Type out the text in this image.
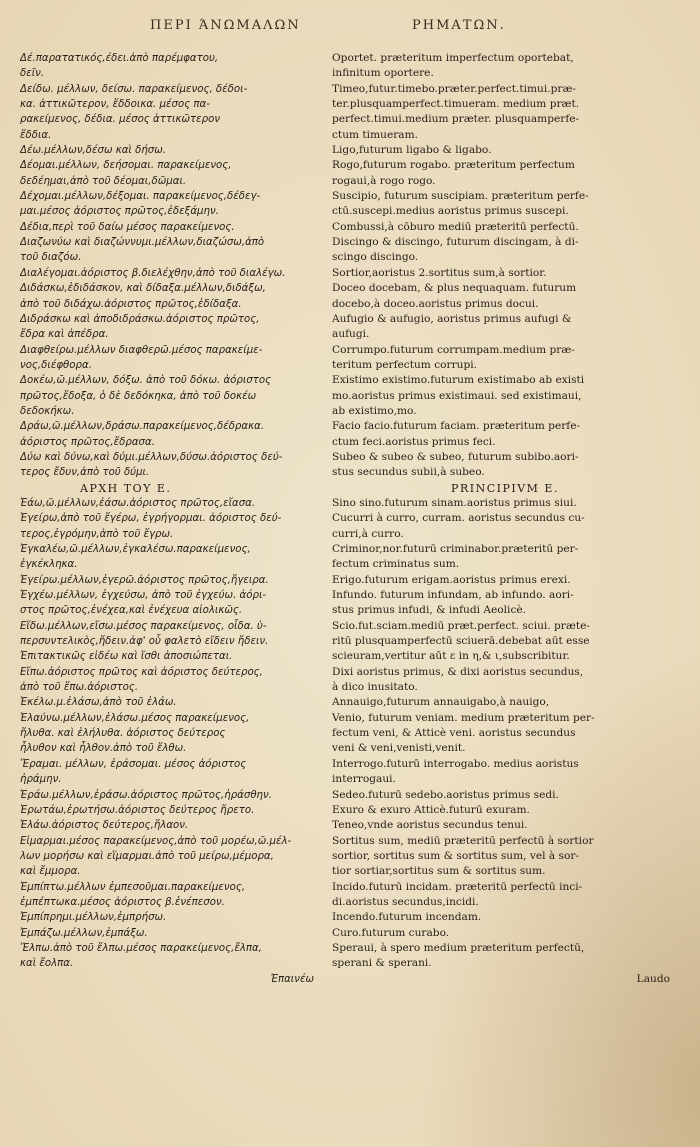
ΠΕΡΙ ΆΝΩΜΑΛΩΝ	ΡΗΜΑΤΩΝ.
Δέ.παρατατικός,έδει.ἀπὸ παρέμφατου,
δεῖν.
Δείδω. μέλλων, δείσω. παρακείμενος, δέδοι-
κα. ἀττικῶτερον, ἔδδοικα. μέσος πα-
ρακείμενος, δέδια. μέσος ἀττικῶτερον
ἔδδια.
Δέω.μέλλων,δέσω καὶ δήσω.
Δέομαι.μέλλων, δεήσομαι. παρακείμενος,
δεδέημαι,ἀπὸ τοῦ δέομαι,δῶμαι.
Δέχομαι.μέλλων,δέξομαι. παρακείμενος,δέδεγ-
μαι.μέσος ἀόριστος πρῶτος,ἐδεξάμην.
Δέδια,περὶ τοῦ δαίω μέσος παρακείμενος.
Διαζωνύω καὶ διαζώννυμι.μέλλων,διαζώσω,ἀπὸ
τοῦ διαζόω.
Διαλέγομαι.ἀόριστος β.διελέχθην,ἀπὸ τοῦ διαλέγω.
Διδάσκω,ἐδιδάσκον, καὶ δίδαξα.μέλλων,διδάξω,
ἀπὸ τοῦ διδάχω.ἀόριστος πρῶτος,ἐδίδαξα.
Διδράσκω καὶ ἀποδιδράσκω.ἀόριστος πρῶτος,
ἔδρα καὶ ἀπέδρα.
Διαφθείρω.μέλλων διαφθερῶ.μέσος παρακείμε-
νος,διέφθορα.
Δοκέω,ῶ.μέλλων, δόξω. ἀπὸ τοῦ δόκω. ἀόριστος
πρῶτος,ἔδοξα, ὁ δὲ δεδόκηκα, ἀπὸ τοῦ δοκέω
δεδοκήκω.
Δράω,ῶ.μέλλων,δράσω.παρακείμενος,δέδρακα.
ἀόριστος πρῶτος,ἔδρασα.
Δύω καὶ δύνω,καὶ δύμι.μέλλων,δύσω.ἀόριστος δεύ-
τερος ἔδυν,ἀπὸ τοῦ δύμι.
ΑΡΧΗ ΤΟΥ Ε.
Ἐάω,ῶ.μέλλων,ἐάσω.ἀόριστος πρῶτος,εἴασα.
Ἐγείρω,ἀπὸ τοῦ ἔγέρω, ἐγρήγορμαι. ἀόριστος δεύ-
τερος,ἐγρόμην,ἀπὸ τοῦ ἔγρω.
Ἐγκαλέω,ῶ.μέλλων,ἐγκαλέσω.παρακείμενος,
ἐγκέκληκα.
Ἐγείρω.μέλλων,ἐγερῶ.ἀόριστος πρῶτος,ἤγειρα.
Ἐγχέω.μέλλων, ἐγχεύσω, ἀπὸ τοῦ ἐγχεύω. ἀόρι-
στος πρῶτος,ἐνέχεα,καὶ ἐνέχευα αἰολικῶς.
Εἴδω.μέλλων,εἴσω.μέσος παρακείμενος, οἶδα. ὑ-
περσυντελικὸς,ἤδειν.ἀφ' οὗ φαλετὸ εἴδειν ἤδειν.
Ἐπιτακτικῶς εἰδέω καὶ ἴσθι ἀποσιώπεται.
Εἴπω.ἀόριστος πρῶτος καὶ ἀόριστος δεύτερος,
ἀπὸ τοῦ ἔπω.ἀόριστος.
Ἐκέλω.μ.ἐλάσω,ἀπὸ τοῦ ἐλάω.
Ἐλαύνω.μέλλων,ἐλάσω.μέσος παρακείμενος,
ἤλυθα. καὶ ἐλήλυθα. ἀόριστος δεύτερος
ἦλυθον καὶ ἦλθον.ἀπὸ τοῦ ἔλθω.
Ἔραμαι. μέλλων, ἐράσομαι. μέσος ἀόριστος
ἠράμην.
Ἐράω.μέλλων,ἐράσω.ἀόριστος πρῶτος,ἠράσθην.
Ἐρωτάω,ἐρωτήσω.ἀόριστος δεύτερος ἤρετο.
Ἐλάω.ἀόριστος δεύτερος,ἤλαον.
Εἱμαρμαι.μέσος παρακείμενος,ἀπὸ τοῦ μορέω,ῶ.μέλ-
λων μορήσω καὶ εἵμαρμαι.ἀπὸ τοῦ μείρω,μέμορα,
καὶ ἔμμορα.
Ἐμπίπτω.μέλλων ἐμπεσοῦμαι.παρακείμενος,
ἐμπέπτωκα.μέσος ἀόριστος β.ἐνέπεσον.
Ἐμπίπρημι.μέλλων,ἐμπρήσω.
Ἐμπάζω.μέλλων,ἐμπάξω.
Ἔλπω.ἀπὸ τοῦ ἔλπω.μέσος παρακείμενος,ἔλπα,
καὶ ἔολπα.
Ἐπαινέω
Oportet. præteritum imperfectum oportebat,
infinitum oportere.
Timeo,futur.timebo.præter.perfect.timui.præ-
ter.plusquamperfect.timueram. medium præt.
perfect.timui.medium præter. plusquamperfe-
ctum timueram.
Ligo,futurum ligabo & ligabo.
Rogo,futurum rogabo. præteritum perfectum
rogaui,à rogo rogo.
Suscipio, futurum suscipiam. præteritum perfe-
ctū.suscepi.medius aoristus primus suscepi.
Combussi,à cōburo mediū præteritū perfectū.
Discingo & discingo, futurum discingam, à di-
scingo discingo.
Sortior,aoristus 2.sortitus sum,à sortior.
Doceo docebam, & plus nequaquam. futurum
docebo,à doceo.aoristus primus docui.
Aufugio & aufugio, aoristus primus aufugi &
aufugi.
Corrumpo.futurum corrumpam.medium præ-
teritum perfectum corrupi.
Existimo existimo.futurum existimabo ab existi
mo.aoristus primus existimaui. sed existimaui,
ab existimo,mo.
Facio facio.futurum faciam. præteritum perfe-
ctum feci.aoristus primus feci.
Subeo & subeo & subeo, futurum subibo.aori-
stus secundus subii,à subeo.
PRINCIPIVM E.
Sino sino.futurum sinam.aoristus primus siui.
Cucurri à curro, curram. aoristus secundus cu-
curri,à curro.
Criminor,nor.futurū criminabor.præteritū per-
fectum criminatus sum.
Erigo.futurum erigam.aoristus primus erexi.
Infundo. futurum infundam, ab infundo. aori-
stus primus infudi, & infudi Aeolicè.
Scio.fut.sciam.mediū præt.perfect. sciui. præte-
ritū plusquamperfectū sciuerā.debebat aūt esse
scieuram,vertitur aūt ε in η,& ι,subscribitur.
Dixi aoristus primus, & dixi aoristus secundus,
à dico inusitato.
Annauigo,futurum annauigabo,à nauigo,
Venio, futurum veniam. medium præteritum per-
fectum veni, & Atticè veni. aoristus secundus
veni & veni,venisti,venit.
Interrogo.futurū interrogabo. medius aoristus
interrogaui.
Sedeo.futurū sedebo.aoristus primus sedi.
Exuro & exuro Atticè.futurū exuram.
Teneo,vnde aoristus secundus tenui.
Sortitus sum, mediū præteritū perfectū à sortior
sortior, sortitus sum & sortitus sum, vel à sor-
tior sortiar,sortitus sum & sortitus sum.
Incido.futurū incidam. præteritū perfectū inci-
di.aoristus secundus,incidi.
Incendo.futurum incendam.
Curo.futurum curabo.
Speraui, à spero medium præteritum perfectū,
sperani & sperani.
Laudo
